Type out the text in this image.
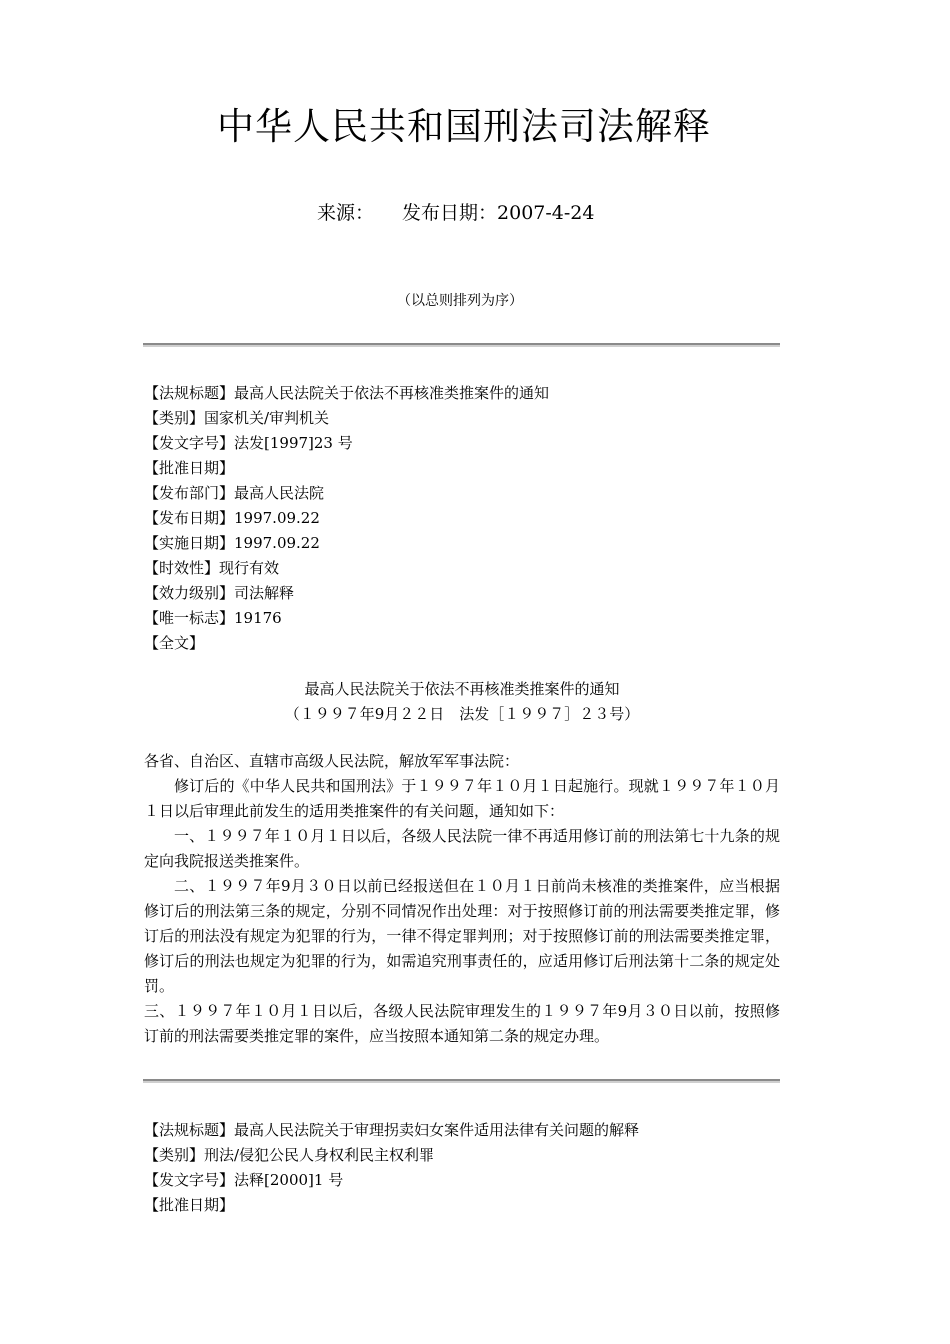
中华人民共和国刑法司法解释
来源： 发布日期：2007-4-24
（以总则排列为序）
【法规标题】最高人民法院关于依法不再核准类推案件的通知
【类别】国家机关/审判机关
【发文字号】法发[1997]23 号
【批准日期】
【发布部门】最高人民法院
【发布日期】1997.09.22
【实施日期】1997.09.22
【时效性】现行有效
【效力级别】司法解释
【唯一标志】19176
【全文】
最高人民法院关于依法不再核准类推案件的通知
（１９９７年9月２２日　法发［１９９７］２３号）

各省、自治区、直辖市高级人民法院，解放军军事法院：

修订后的《中华人民共和国刑法》于１９９７年１０月１日起施行。现就１９９７年１０月１日以后审理此前发生的适用类推案件的有关问题，通知如下：

一、１９９７年１０月１日以后，各级人民法院一律不再适用修订前的刑法第七十九条的规定向我院报送类推案件。

二、１９９７年9月３０日以前已经报送但在１０月１日前尚未核准的类推案件，应当根据修订后的刑法第三条的规定，分别不同情况作出处理：对于按照修订前的刑法需要类推定罪，修订后的刑法没有规定为犯罪的行为，一律不得定罪判刑；对于按照修订前的刑法需要类推定罪，修订后的刑法也规定为犯罪的行为，如需追究刑事责任的，应适用修订后刑法第十二条的规定处罚。

三、１９９７年１０月１日以后，各级人民法院审理发生的１９９７年9月３０日以前，按照修订前的刑法需要类推定罪的案件，应当按照本通知第二条的规定办理。

【法规标题】最高人民法院关于审理拐卖妇女案件适用法律有关问题的解释
【类别】刑法/侵犯公民人身权利民主权利罪
【发文字号】法释[2000]1 号
【批准日期】
